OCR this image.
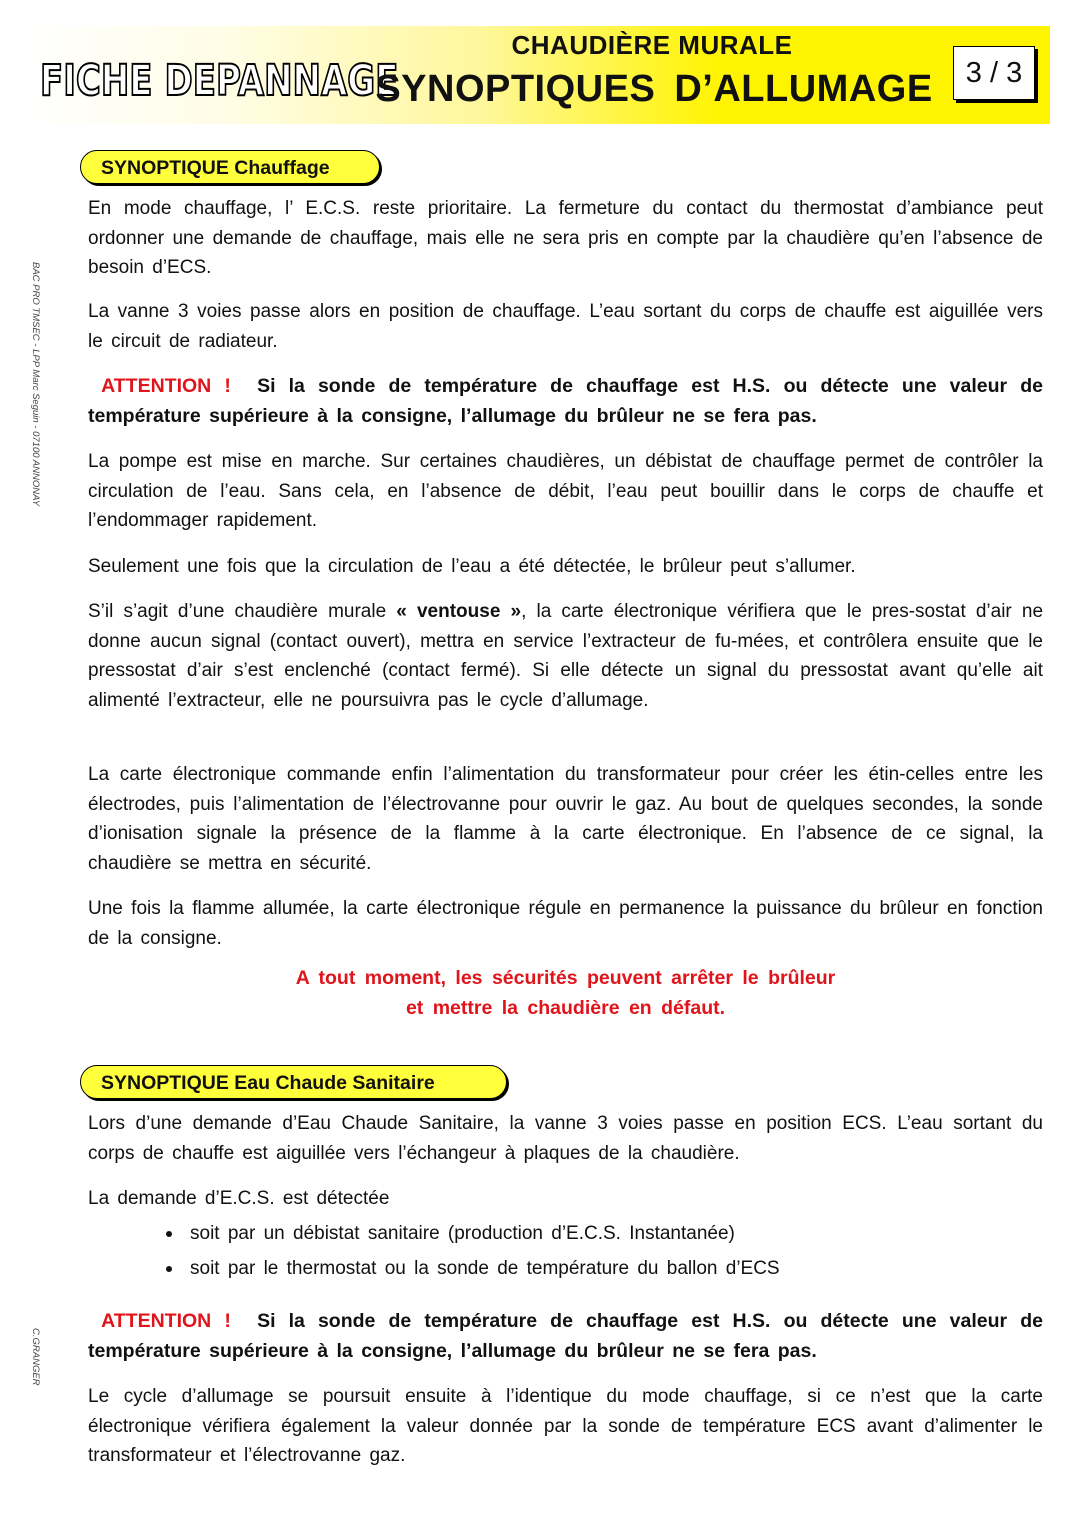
FICHE DEPANNAGE
CHAUDIÈRE MURALE
SYNOPTIQUES D’ALLUMAGE	3 / 3
BAC PRO TMSEC - LPP Marc Seguin - 07100 ANNONAY
C.GRANGER
SYNOPTIQUE Chauffage

En mode chauffage, l’ E.C.S. reste prioritaire. La fermeture du contact du thermostat d’ambiance peut ordonner une demande de chauffage, mais elle ne sera pris en compte par la chaudière qu’en l’absence de besoin d’ECS.

La vanne 3 voies passe alors en position de chauffage. L’eau sortant du corps de chauffe est aiguillée vers le circuit de radiateur.

ATTENTION ! Si la sonde de température de chauffage est H.S. ou détecte une valeur de température supérieure à la consigne, l’allumage du brûleur ne se fera pas.

La pompe est mise en marche. Sur certaines chaudières, un débistat de chauffage permet de contrôler la circulation de l’eau. Sans cela, en l’absence de débit, l’eau peut bouillir dans le corps de chauffe et l’endommager rapidement.

Seulement une fois que la circulation de l’eau a été détectée, le brûleur peut s’allumer.

S’il s’agit d’une chaudière murale « ventouse », la carte électronique vérifiera que le pres-sostat d’air ne donne aucun signal (contact ouvert), mettra en service l’extracteur de fu-mées, et contrôlera ensuite que le pressostat d’air s’est enclenché (contact fermé). Si elle détecte un signal du pressostat avant qu’elle ait alimenté l’extracteur, elle ne poursuivra pas le cycle d’allumage.

La carte électronique commande enfin l’alimentation du transformateur pour créer les étin-celles entre les électrodes, puis l’alimentation de l’électrovanne pour ouvrir le gaz. Au bout de quelques secondes, la sonde d’ionisation signale la présence de la flamme à la carte électronique. En l’absence de ce signal, la chaudière se mettra en sécurité.

Une fois la flamme allumée, la carte électronique régule en permanence la puissance du brûleur en fonction de la consigne.

A tout moment, les sécurités peuvent arrêter le brûleur
et mettre la chaudière en défaut.
SYNOPTIQUE Eau Chaude Sanitaire

Lors d’une demande d’Eau Chaude Sanitaire, la vanne 3 voies passe en position ECS. L’eau sortant du corps de chauffe est aiguillée vers l’échangeur à plaques de la chaudière.

La demande d’E.C.S. est détectée

soit par un débistat sanitaire (production d’E.C.S. Instantanée)
soit par le thermostat ou la sonde de température du ballon d’ECS

ATTENTION ! Si la sonde de température de chauffage est H.S. ou détecte une valeur de température supérieure à la consigne, l’allumage du brûleur ne se fera pas.

Le cycle d’allumage se poursuit ensuite à l’identique du mode chauffage, si ce n’est que la carte électronique vérifiera également la valeur donnée par la sonde de température ECS avant d’alimenter le transformateur et l’électrovanne gaz.
